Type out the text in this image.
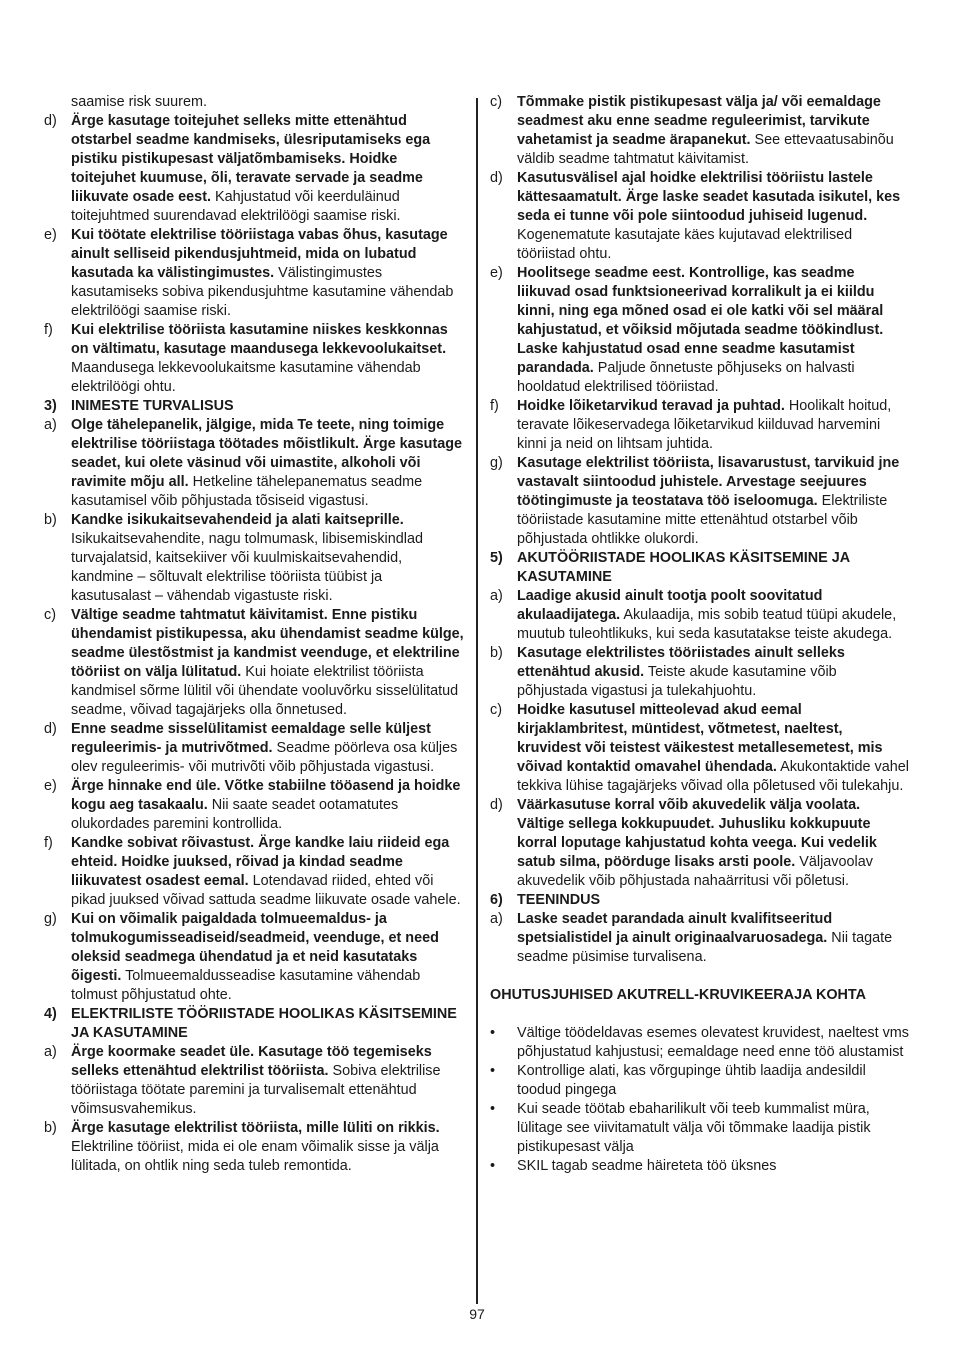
saamise risk suurem.
d) Ärge kasutage toitejuhet selleks mitte ettenähtud otstarbel seadme kandmiseks, ülesriputamiseks ega pistiku pistikupesast väljatõmbamiseks. Hoidke toitejuhet kuumuse, õli, teravate servade ja seadme liikuvate osade eest. Kahjustatud või keerduläinud toitejuhtmed suurendavad elektrilöögi saamise riski.
e) Kui töötate elektrilise tööriistaga vabas õhus, kasutage ainult selliseid pikendusjuhtmeid, mida on lubatud kasutada ka välistingimustes. Välistingimustes kasutamiseks sobiva pikendusjuhtme kasutamine vähendab elektrilöögi saamise riski.
f)	Kui elektrilise tööriista kasutamine niiskes keskkonnas on vältimatu, kasutage maandusega lekkevoolukaitset. Maandusega lekkevoolukaitsme kasutamine vähendab elektrilöögi ohtu.
3) INIMESTE TURVALISUS
a) Olge tähelepanelik, jälgige, mida Te teete, ning toimige elektrilise tööriistaga töötades mõistlikult. Ärge kasutage seadet, kui olete väsinud või uimastite, alkoholi või ravimite mõju all. Hetkeline tähelepanematus seadme kasutamisel võib põhjustada tõsiseid vigastusi.
b) Kandke isikukaitsevahendeid ja alati kaitseprille. Isikukaitsevahendite, nagu tolmumask, libisemiskindlad turvajalatsid, kaitsekiiver või kuulmiskaitsevahendid, kandmine – sõltuvalt elektrilise tööriista tüübist ja kasutusalast – vähendab vigastuste riski.
c)	Vältige seadme tahtmatut käivitamist. Enne pistiku ühendamist pistikupessa, aku ühendamist seadme külge, seadme ülestõstmist ja kandmist veenduge, et elektriline tööriist on välja lülitatud. Kui hoiate elektrilist tööriista kandmisel sõrme lülitil või ühendate vooluvõrku sisselülitatud seadme, võivad tagajärjeks olla õnnetused.
d) Enne seadme sisselülitamist eemaldage selle küljest reguleerimis- ja mutrivõtmed. Seadme pöörleva osa küljes olev reguleerimis- või mutrivõti võib põhjustada vigastusi.
e) Ärge hinnake end üle. Võtke stabiilne tööasend ja hoidke kogu aeg tasakaalu. Nii saate seadet ootamatutes olukordades paremini kontrollida.
f)	Kandke sobivat rõivastust. Ärge kandke laiu riideid ega ehteid. Hoidke juuksed, rõivad ja kindad seadme liikuvatest osadest eemal. Lotendavad riided, ehted või pikad juuksed võivad sattuda seadme liikuvate osade vahele.
g) Kui on võimalik paigaldada tolmueemaldus- ja tolmukogumisseadiseid/seadmeid, veenduge, et need oleksid seadmega ühendatud ja et neid kasutataks õigesti. Tolmueemaldusseadise kasutamine vähendab tolmust põhjustatud ohte.
4) ELEKTRILISTE TÖÖRIISTADE HOOLIKAS KÄSITSEMINE JA KASUTAMINE
a) Ärge koormake seadet üle. Kasutage töö tegemiseks selleks ettenähtud elektrilist tööriista. Sobiva elektrilise tööriistaga töötate paremini ja turvalisemalt ettenähtud võimsusvahemikus.
b) Ärge kasutage elektrilist tööriista, mille lüliti on rikkis. Elektriline tööriist, mida ei ole enam võimalik sisse ja välja lülitada, on ohtlik ning seda tuleb remontida.
c)	Tõmmake pistik pistikupesast välja ja/ või eemaldage seadmest aku enne seadme reguleerimist, tarvikute vahetamist ja seadme ärapanekut. See ettevaatusabinõu väldib seadme tahtmatut käivitamist.
d) Kasutusvälisel ajal hoidke elektrilisi tööriistu lastele kättesaamatult. Ärge laske seadet kasutada isikutel, kes seda ei tunne või pole siintoodud juhiseid lugenud. Kogenematute kasutajate käes kujutavad elektrilised tööriistad ohtu.
e) Hoolitsege seadme eest. Kontrollige, kas seadme liikuvad osad funktsioneerivad korralikult ja ei kiildu kinni, ning ega mõned osad ei ole katki või sel määral kahjustatud, et võiksid mõjutada seadme töökindlust. Laske kahjustatud osad enne seadme kasutamist parandada. Paljude õnnetuste põhjuseks on halvasti hooldatud elektrilised tööriistad.
f)	Hoidke lõiketarvikud teravad ja puhtad. Hoolikalt hoitud, teravate lõikeservadega lõiketarvikud kiilduvad harvemini kinni ja neid on lihtsam juhtida.
g) Kasutage elektrilist tööriista, lisavarustust, tarvikuid jne vastavalt siintoodud juhistele. Arvestage seejuures töötingimuste ja teostatava töö iseloomuga. Elektriliste tööriistade kasutamine mitte ettenähtud otstarbel võib põhjustada ohtlikke olukordi.
5) AKUTÖÖRIISTADE HOOLIKAS KÄSITSEMINE JA KASUTAMINE
a) Laadige akusid ainult tootja poolt soovitatud akulaadijatega. Akulaadija, mis sobib teatud tüüpi akudele, muutub tuleohtlikuks, kui seda kasutatakse teiste akudega.
b) Kasutage elektrilistes tööriistades ainult selleks ettenähtud akusid. Teiste akude kasutamine võib põhjustada vigastusi ja tulekahjuohtu.
c)	Hoidke kasutusel mitteolevad akud eemal kirjaklambritest, müntidest, võtmetest, naeltest, kruvidest või teistest väikestest metallesemetest, mis võivad kontaktid omavahel ühendada. Akukontaktide vahel tekkiva lühise tagajärjeks võivad olla põletused või tulekahju.
d) Väärkasutuse korral võib akuvedelik välja voolata. Vältige sellega kokkupuudet. Juhusliku kokkupuute korral loputage kahjustatud kohta veega. Kui vedelik satub silma, pöörduge lisaks arsti poole. Väljavoolav akuvedelik võib põhjustada nahaärritusi või põletusi.
6) TEENINDUS
a) Laske seadet parandada ainult kvalifitseeritud spetsialistidel ja ainult originaalvaruosadega. Nii tagate seadme püsimise turvalisena.
OHUTUSJUHISED AKUTRELL-KRUVIKEERAJA KOHTA
•	Vältige töödeldavas esemes olevatest kruvidest, naeltest vms põhjustatud kahjustusi; eemaldage need enne töö alustamist
•	Kontrollige alati, kas võrgupinge ühtib laadija andesildil toodud pingega
•	Kui seade töötab ebaharilikult või teeb kummalist müra, lülitage see viivitamatult välja või tõmmake laadija pistik pistikupesast välja
•	SKIL tagab seadme häireteta töö üksnes
97
